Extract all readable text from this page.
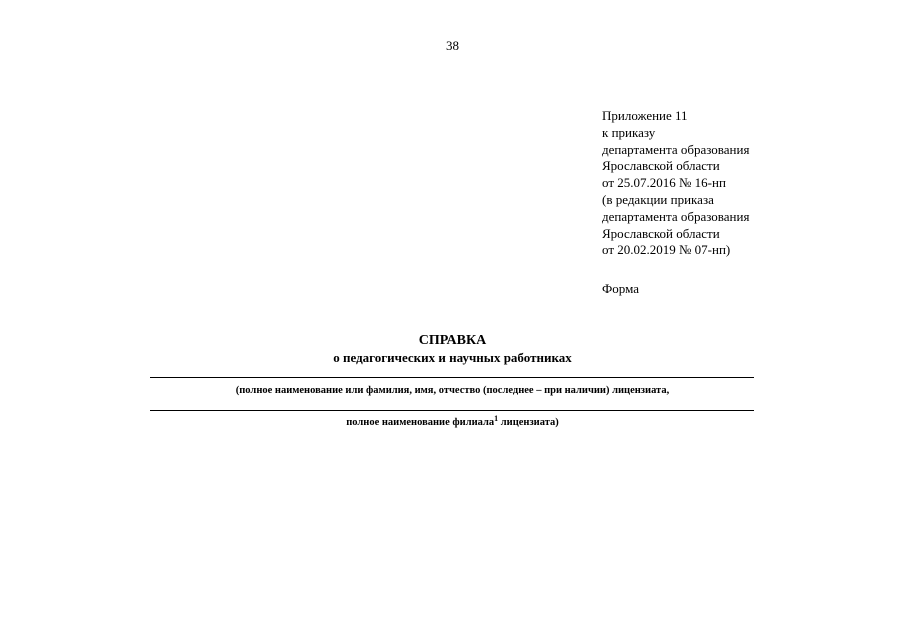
38
Приложение 11
к приказу
департамента образования
Ярославской области
от 25.07.2016 № 16-нп
(в редакции приказа
департамента образования
Ярославской области
от 20.02.2019 № 07-нп)
Форма
СПРАВКА
о педагогических и научных работниках
(полное наименование или фамилия, имя, отчество (последнее – при наличии) лицензиата,
полное наименование филиала$^1$ лицензиата)
